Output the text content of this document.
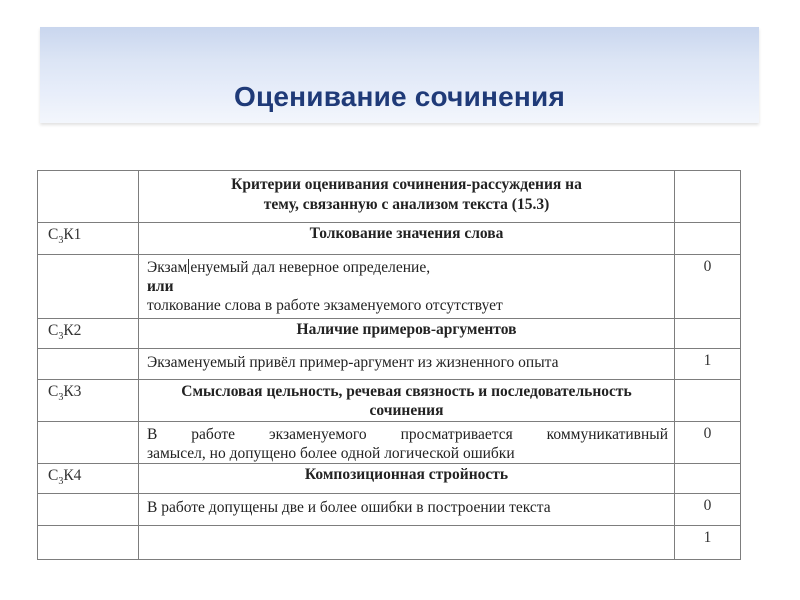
Оценивание сочинения
	Критерии оценивания сочинения-рассуждения на
тему, связанную с анализом текста (15.3)	
$С_3К1$	Толкование значения слова	
	Экзам енуемый дал неверное определение,
или
толкование слова в работе экзаменуемого отсутствует	0
$С_3К2$	Наличие примеров-аргументов	
	Экзаменуемый привёл пример-аргумент из жизненного опыта	1
$С_3К3$	Смысловая цельность, речевая связность и последовательность
сочинения	

	В работе экзаменуемого просматривается коммуникативный
замысел, но допущено более одной логической ошибки	0
$С_3К4$	Композиционная стройность	
	В работе допущены две и более ошибки в построении текста	0
		1
